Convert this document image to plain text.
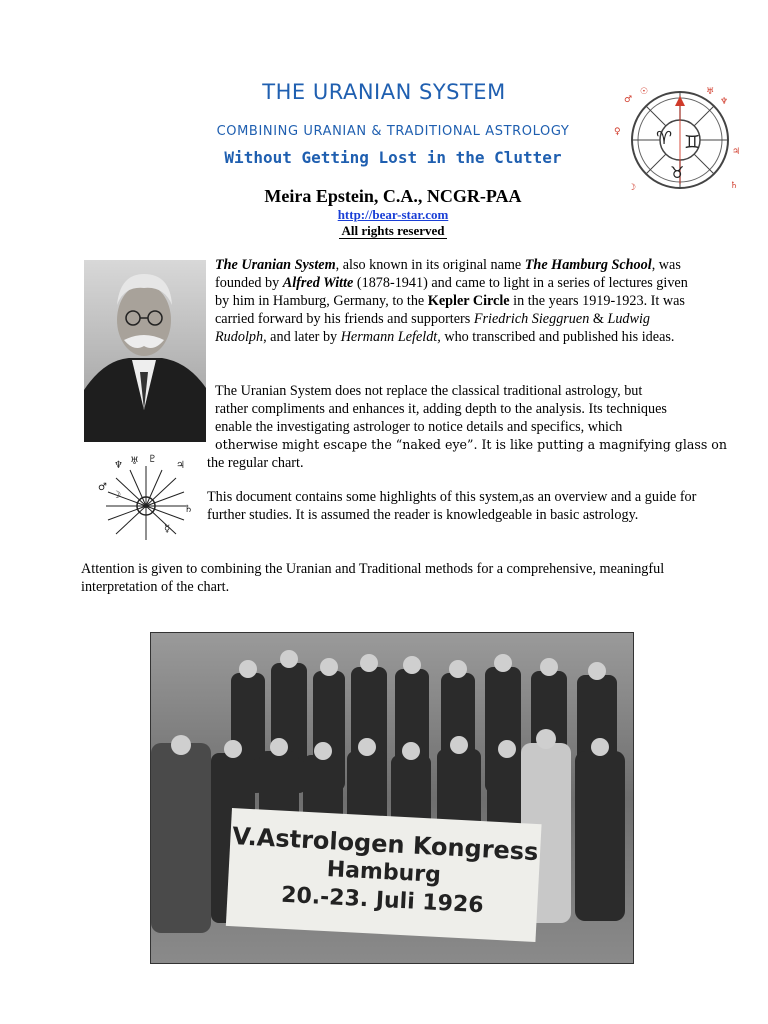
THE URANIAN SYSTEM
COMBINING URANIAN & TRADITIONAL ASTROLOGY
Without Getting Lost in the Clutter
Meira Epstein, C.A., NCGR-PAA
http://bear-star.com
All rights reserved
♈ ♊
♉
♂
☉	♅
♆
♃
☽	♄
♀
♆ ♅ ♇
♃
♂
☽
♄
☿
The Uranian System, also known in its original name The Hamburg School, was founded by Alfred Witte (1878-1941) and came to light in a series of lectures given by him in Hamburg, Germany, to the Kepler Circle in the years 1919-1923. It was carried forward by his friends and supporters Friedrich Sieggruen & Ludwig Rudolph, and later by Hermann Lefeldt, who transcribed and published his ideas.
The Uranian System does not replace the classical traditional astrology, but
rather compliments and enhances it, adding depth to the analysis. Its techniques
enable the investigating astrologer to notice details and specifics, which
otherwise might escape the “naked eye”. It is like putting a magnifying glass on
the regular chart.
This document contains some highlights of this system,as an overview and a guide for further studies. It is assumed the reader is knowledgeable in basic astrology.
Attention is given to combining the Uranian and Traditional methods for a comprehensive, meaningful interpretation of the chart.
V.Astrologen Kongress
Hamburg
20.-23. Juli 1926
